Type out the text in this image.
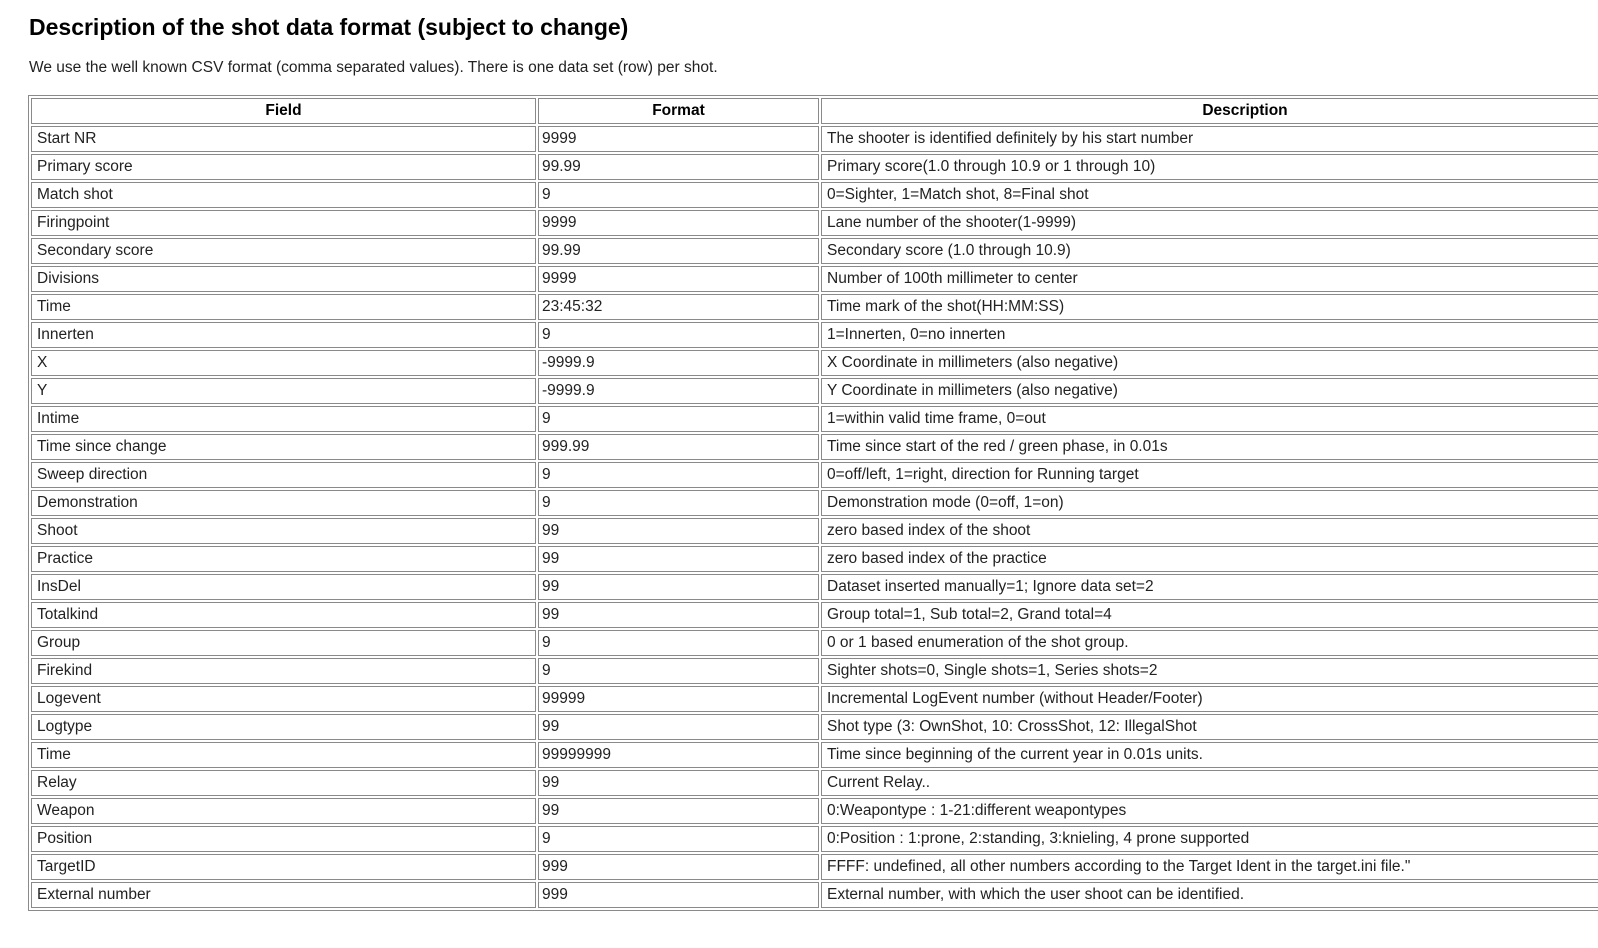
Description of the shot data format (subject to change)

We use the well known CSV format (comma separated values). There is one data set (row) per shot.

Field	Format	Description
Start NR	9999	The shooter is identified definitely by his start number
Primary score	99.99	Primary score(1.0 through 10.9 or 1 through 10)
Match shot	9	0=Sighter, 1=Match shot, 8=Final shot
Firingpoint	9999	Lane number of the shooter(1-9999)
Secondary score	99.99	Secondary score (1.0 through 10.9)
Divisions	9999	Number of 100th millimeter to center
Time	23:45:32	Time mark of the shot(HH:MM:SS)
Innerten	9	1=Innerten, 0=no innerten
X	-9999.9	X Coordinate in millimeters (also negative)
Y	-9999.9	Y Coordinate in millimeters (also negative)
Intime	9	1=within valid time frame, 0=out
Time since change	999.99	Time since start of the red / green phase, in 0.01s
Sweep direction	9	0=off/left, 1=right, direction for Running target
Demonstration	9	Demonstration mode (0=off, 1=on)
Shoot	99	zero based index of the shoot
Practice	99	zero based index of the practice
InsDel	99	Dataset inserted manually=1; Ignore data set=2
Totalkind	99	Group total=1, Sub total=2, Grand total=4
Group	9	0 or 1 based enumeration of the shot group.
Firekind	9	Sighter shots=0, Single shots=1, Series shots=2
Logevent	99999	Incremental LogEvent number (without Header/Footer)
Logtype	99	Shot type (3: OwnShot, 10: CrossShot, 12: IllegalShot
Time	99999999	Time since beginning of the current year in 0.01s units.
Relay	99	Current Relay..
Weapon	99	0:Weapontype : 1-21:different weapontypes
Position	9	0:Position : 1:prone, 2:standing, 3:knieling, 4 prone supported
TargetID	999	FFFF: undefined, all other numbers according to the Target Ident in the target.ini file."
External number	999	External number, with which the user shoot can be identified.
